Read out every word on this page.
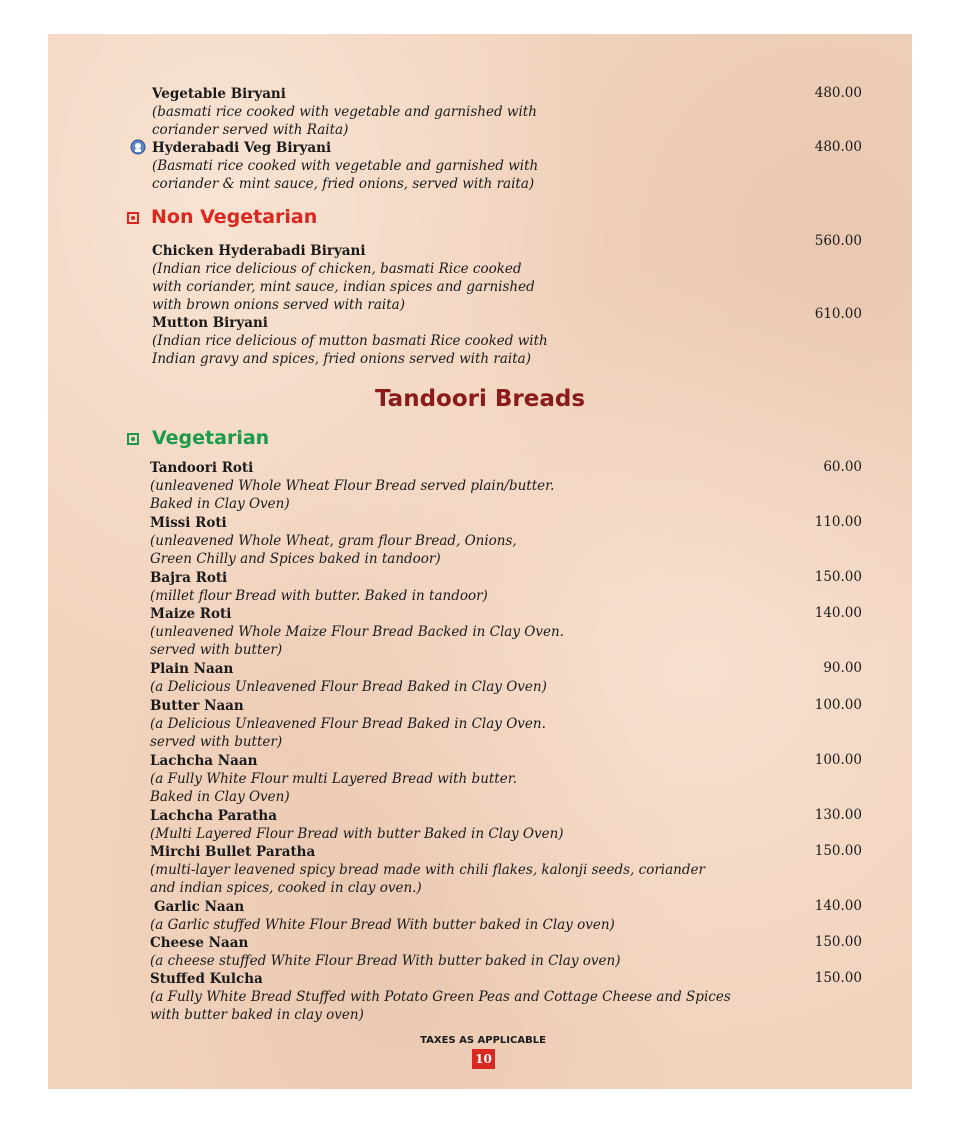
Vegetable Biryani
(basmati rice cooked with vegetable and garnished with
coriander served with Raita)
480.00
Hyderabadi Veg Biryani
(Basmati rice cooked with vegetable and garnished with
coriander & mint sauce, fried onions, served with raita)
480.00
Non Vegetarian
Chicken Hyderabadi Biryani
(Indian rice delicious of chicken, basmati Rice cooked
with coriander, mint sauce, indian spices and garnished
with brown onions served with raita)
560.00
Mutton Biryani
(Indian rice delicious of mutton basmati Rice cooked with
Indian gravy and spices, fried onions served with raita)
610.00
Tandoori Breads
Vegetarian
Tandoori Roti
(unleavened Whole Wheat Flour Bread served plain/butter.
Baked in Clay Oven)
60.00
Missi Roti
(unleavened Whole Wheat, gram flour Bread, Onions,
Green Chilly and Spices baked in tandoor)
110.00
Bajra Roti
(millet flour Bread with butter. Baked in tandoor)
150.00
Maize Roti
(unleavened Whole Maize Flour Bread Backed in Clay Oven.
served with butter)
140.00
Plain Naan
(a Delicious Unleavened Flour Bread Baked in Clay Oven)
90.00
Butter Naan
(a Delicious Unleavened Flour Bread Baked in Clay Oven.
served with butter)
100.00
Lachcha Naan
(a Fully White Flour multi Layered Bread with butter.
Baked in Clay Oven)
100.00
Lachcha Paratha
(Multi Layered Flour Bread with butter Baked in Clay Oven)
130.00
Mirchi Bullet Paratha
(multi-layer leavened spicy bread made with chili flakes, kalonji seeds, coriander
and indian spices, cooked in clay oven.)
150.00
Garlic Naan
(a Garlic stuffed White Flour Bread With butter baked in Clay oven)
140.00
Cheese Naan
(a cheese stuffed White Flour Bread With butter baked in Clay oven)
150.00
Stuffed Kulcha
(a Fully White Bread Stuffed with Potato Green Peas and Cottage Cheese and Spices
with butter baked in clay oven)
150.00
TAXES AS APPLICABLE
10
